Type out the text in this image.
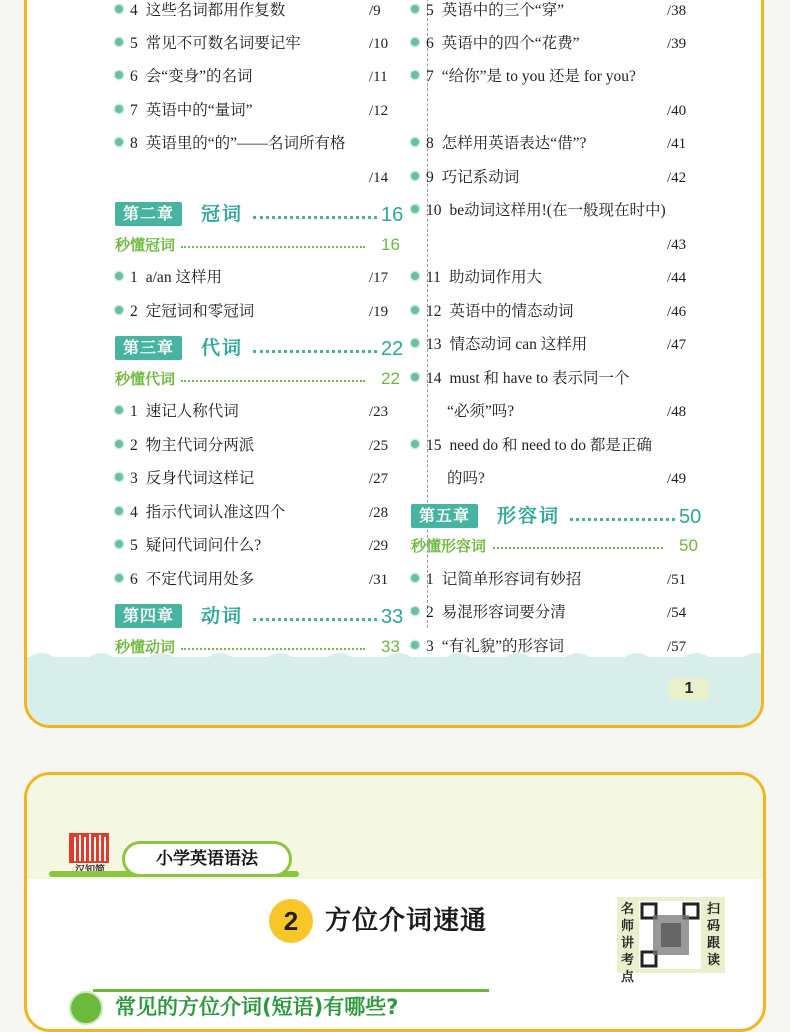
4 这些名词都用作复数	/9
5 常见不可数名词要记牢	/10
6 会“变身”的名词	/11
7 英语中的“量词”	/12
8 英语里的“的”——名词所有格
/14
第二章	冠词	16
秒懂冠词	16
1 a/an 这样用	/17
2 定冠词和零冠词	/19
第三章	代词	22
秒懂代词	22
1 速记人称代词	/23
2 物主代词分两派	/25
3 反身代词这样记	/27
4 指示代词认准这四个	/28
5 疑问代词问什么?	/29
6 不定代词用处多	/31
第四章	动词	33
秒懂动词	33
5 英语中的三个“穿”	/38
6 英语中的四个“花费”	/39
7 “给你”是 to you 还是 for you?
/40
8 怎样用英语表达“借”?	/41
9 巧记系动词	/42
10 be动词这样用!(在一般现在时中)
/43
11 助动词作用大	/44
12 英语中的情态动词	/46
13 情态动词 can 这样用	/47
14 must 和 have to 表示同一个
“必须”吗?	/48
15 need do 和 need to do 都是正确
的吗?	/49
第五章	形容词	50
秒懂形容词	50
1 记简单形容词有妙招	/51
2 易混形容词要分清	/54
3 “有礼貌”的形容词	/57
1
小学英语语法
2	方位介词速通	名师讲考点
扫码跟读
常见的方位介词(短语)有哪些?
